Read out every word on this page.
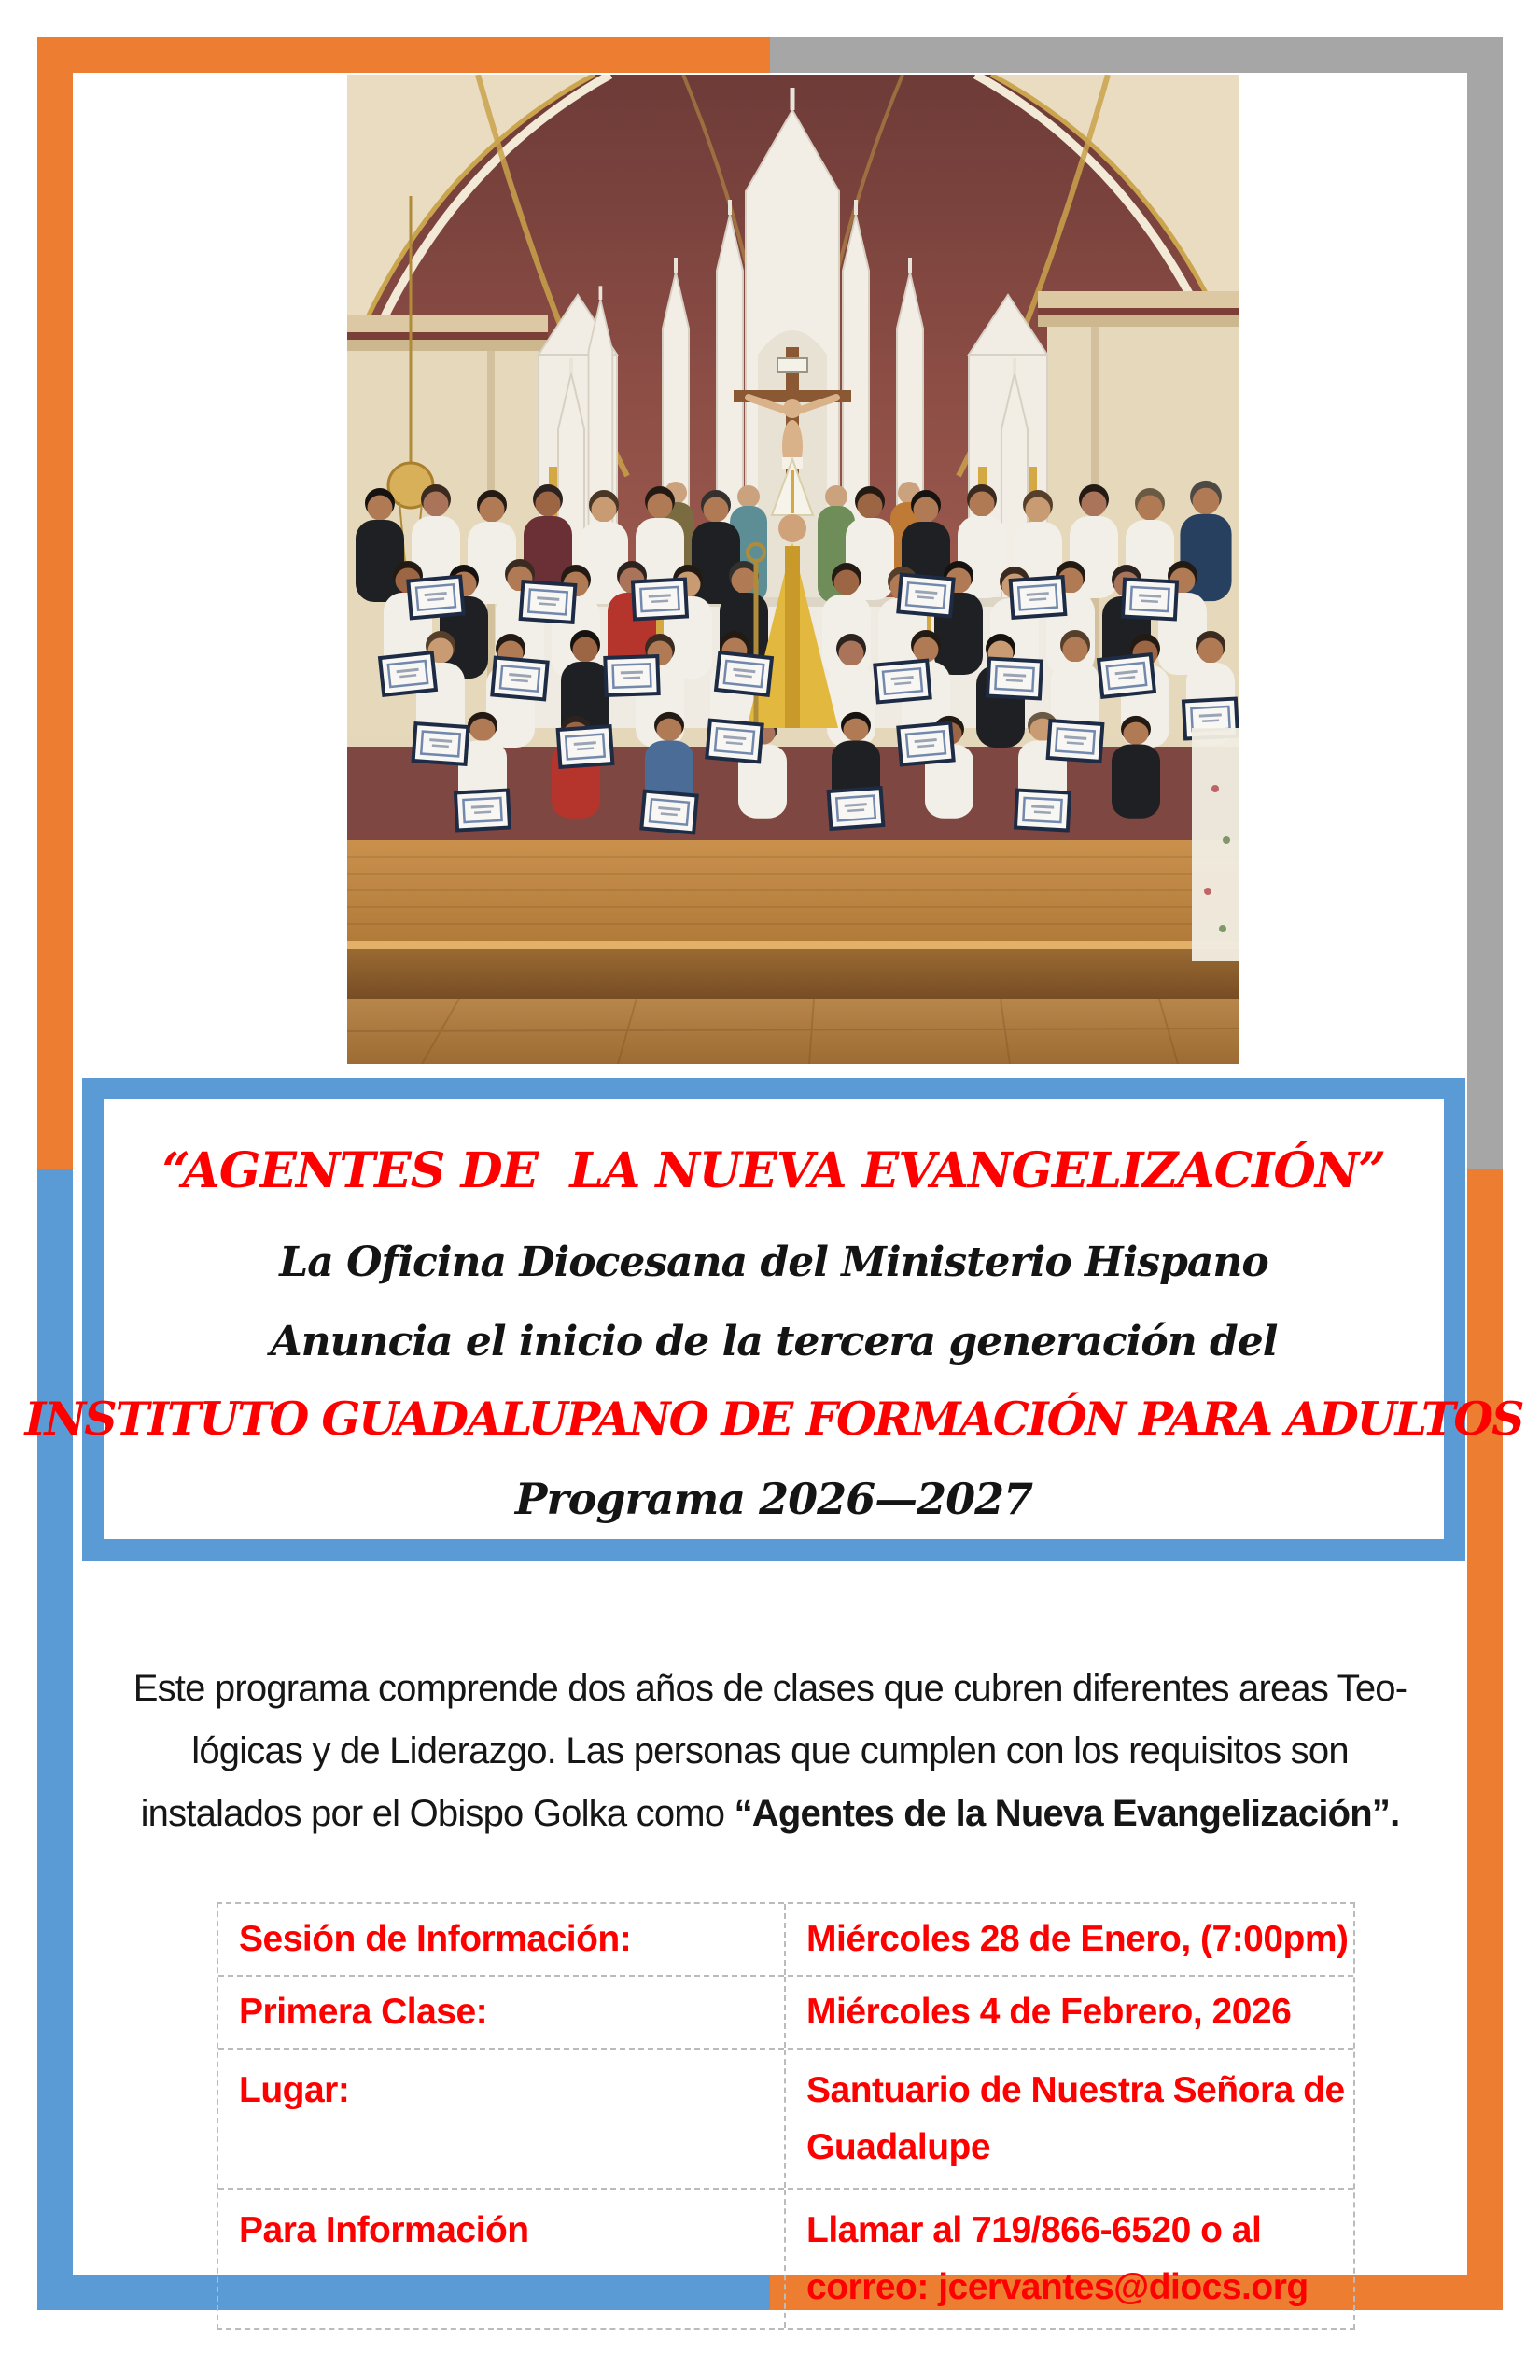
“AGENTES DE  LA NUEVA EVANGELIZACIÓN”
La Oficina Diocesana del Ministerio Hispano
Anuncia el inicio de la tercera generación del
INSTITUTO GUADALUPANO DE FORMACIÓN PARA ADULTOS
Programa 2026—2027
Este programa comprende dos años de clases que cubren diferentes areas Teo-
lógicas y de Liderazgo. Las personas que cumplen con los requisitos son
instalados por el Obispo Golka como “Agentes de la Nueva Evangelización”.
Sesión de Información:	Miércoles 28 de Enero, (7:00pm)
Primera Clase:	Miércoles 4 de Febrero, 2026
Lugar:	Santuario de Nuestra Señora de
Guadalupe
Para Información	Llamar al 719/866-6520 o al
correo: jcervantes@diocs.org
